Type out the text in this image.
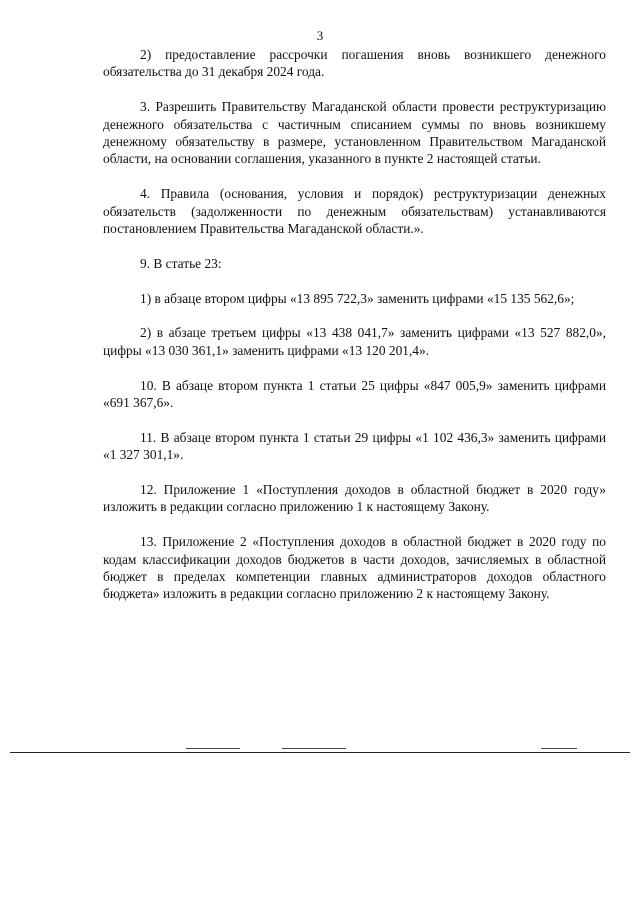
3

2) предоставление рассрочки погашения вновь возникшего денежного обязательства до 31 декабря 2024 года.

3. Разрешить Правительству Магаданской области провести реструктуризацию денежного обязательства с частичным списанием суммы по вновь возникшему денежному обязательству в размере, установленном Правительством Магаданской области, на основании соглашения, указанного в пункте 2 настоящей статьи.

4. Правила (основания, условия и порядок) реструктуризации денежных обязательств (задолженности по денежным обязательствам) устанавливаются постановлением Правительства Магаданской области.».

9. В статье 23:

1) в абзаце втором цифры «13 895 722,3» заменить цифрами «15 135 562,6»;

2) в абзаце третьем цифры «13 438 041,7» заменить цифрами «13 527 882,0», цифры «13 030 361,1» заменить цифрами «13 120 201,4».

10. В абзаце втором пункта 1 статьи 25 цифры «847 005,9» заменить цифрами «691 367,6».

11. В абзаце втором пункта 1 статьи 29 цифры «1 102 436,3» заменить цифрами «1 327 301,1».

12. Приложение 1 «Поступления доходов в областной бюджет в 2020 году» изложить в редакции согласно приложению 1 к настоящему Закону.

13. Приложение 2 «Поступления доходов в областной бюджет в 2020 году по кодам классификации доходов бюджетов в части доходов, зачисляемых в областной бюджет в пределах компетенции главных администраторов доходов областного бюджета» изложить в редакции согласно приложению 2 к настоящему Закону.
